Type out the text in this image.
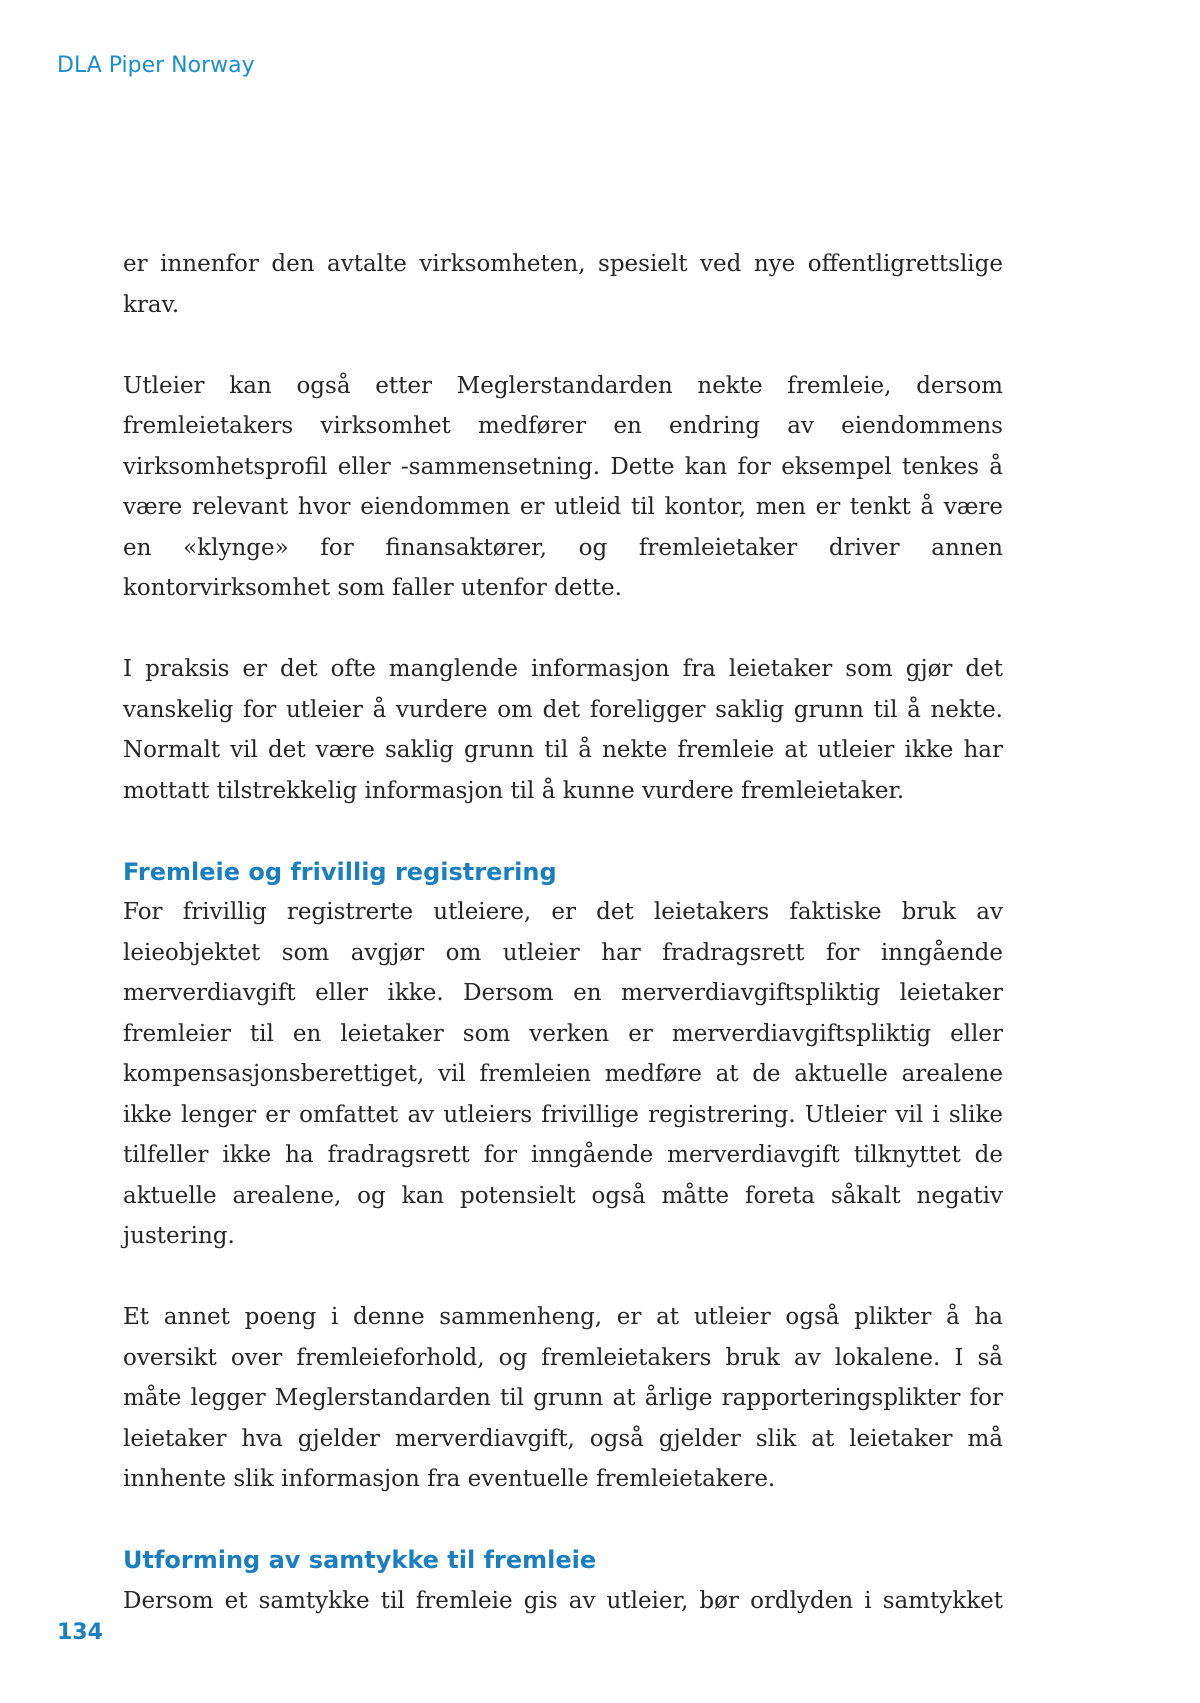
DLA Piper Norway

er innenfor den avtalte virksomheten, spesielt ved nye offentligrettslige krav.

Utleier kan også etter Meglerstandarden nekte fremleie, dersom fremleietakers virksomhet medfører en endring av eiendommens virksomhetsprofil eller -sammensetning. Dette kan for eksempel tenkes å være relevant hvor eiendommen er utleid til kontor, men er tenkt å være en «klynge» for finansaktører, og fremleietaker driver annen kontorvirksomhet som faller utenfor dette.

I praksis er det ofte manglende informasjon fra leietaker som gjør det vanskelig for utleier å vurdere om det foreligger saklig grunn til å nekte. Normalt vil det være saklig grunn til å nekte fremleie at utleier ikke har mottatt tilstrekkelig informasjon til å kunne vurdere fremleietaker.

Fremleie og frivillig registrering

For frivillig registrerte utleiere, er det leietakers faktiske bruk av leieobjektet som avgjør om utleier har fradragsrett for inngående merverdiavgift eller ikke. Dersom en merverdiavgiftspliktig leietaker fremleier til en leietaker som verken er merverdiavgiftspliktig eller kompensasjonsberettiget, vil fremleien medføre at de aktuelle arealene ikke lenger er omfattet av utleiers frivillige registrering. Utleier vil i slike tilfeller ikke ha fradragsrett for inngående merverdiavgift tilknyttet de aktuelle arealene, og kan potensielt også måtte foreta såkalt negativ justering.

Et annet poeng i denne sammenheng, er at utleier også plikter å ha oversikt over fremleieforhold, og fremleietakers bruk av lokalene. I så måte legger Meglerstandarden til grunn at årlige rapporteringsplikter for leietaker hva gjelder merverdiavgift, også gjelder slik at leietaker må innhente slik informasjon fra eventuelle fremleietakere.

Utforming av samtykke til fremleie

Dersom et samtykke til fremleie gis av utleier, bør ordlyden i samtykket

134
